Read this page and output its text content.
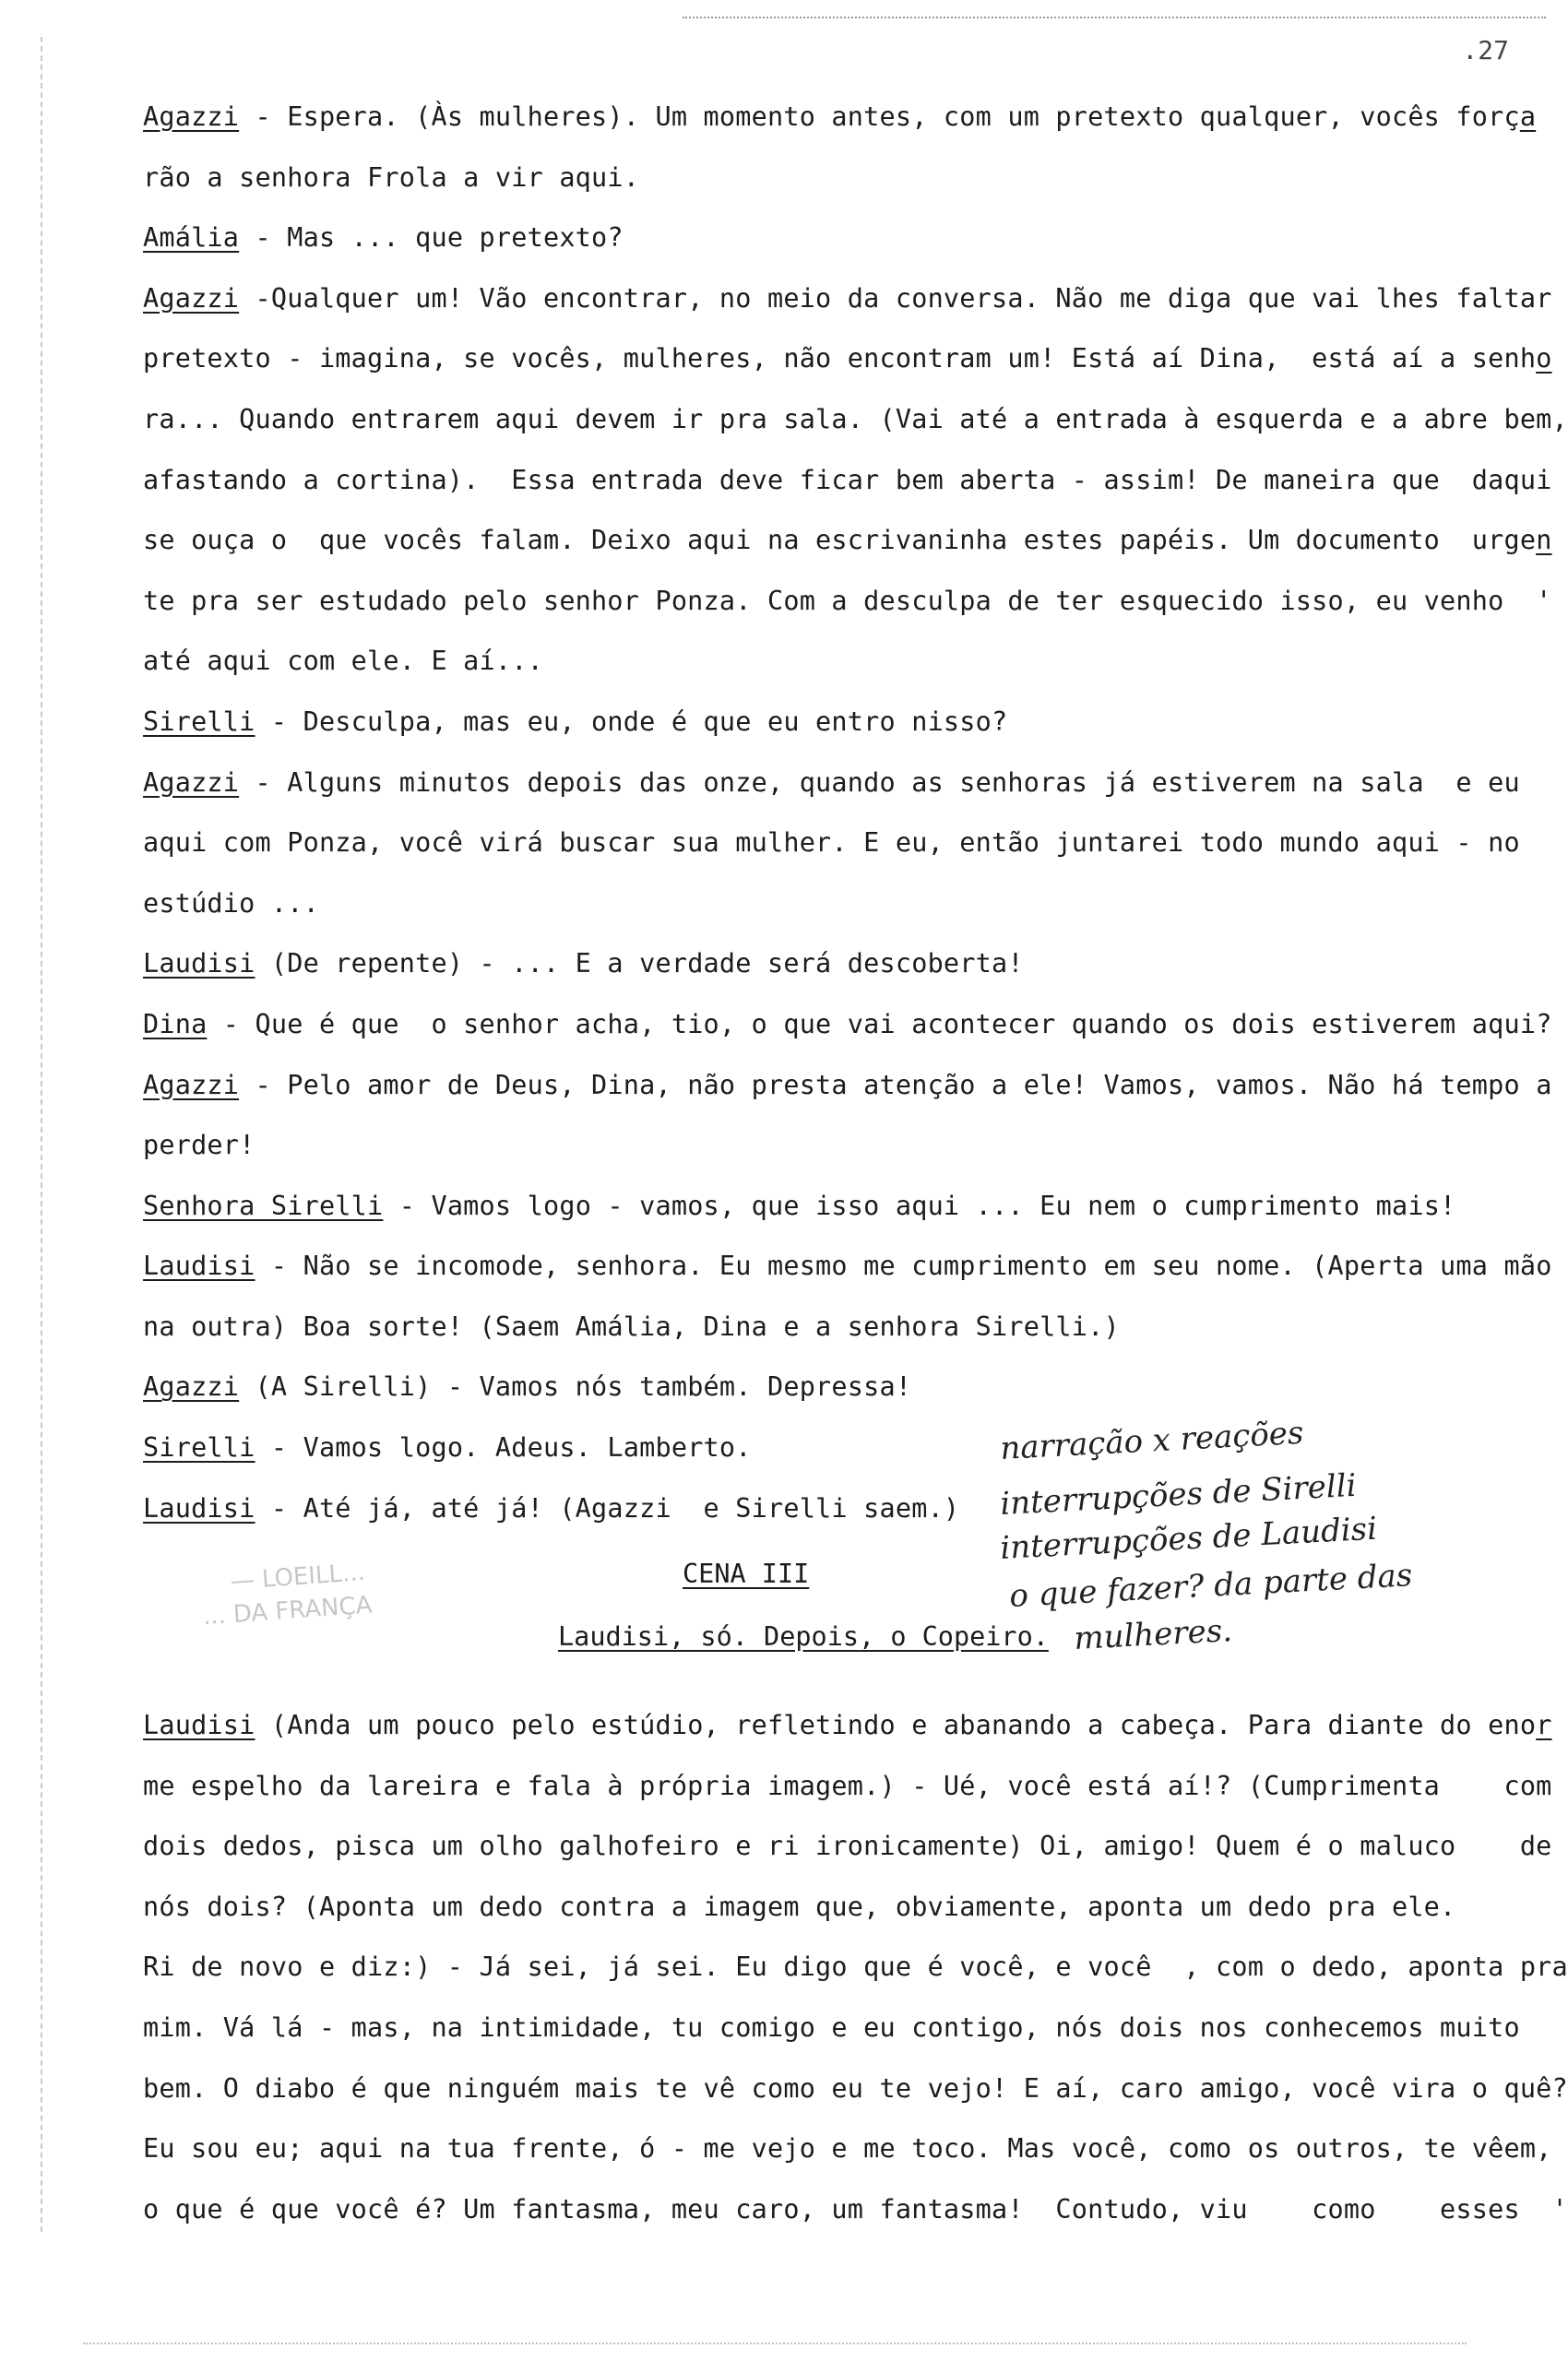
.27
Agazzi - Espera. (Às mulheres). Um momento antes, com um pretexto qualquer, vocês força
rão a senhora Frola a vir aqui.
Amália - Mas ... que pretexto?
Agazzi -Qualquer um! Vão encontrar, no meio da conversa. Não me diga que vai lhes faltar
pretexto - imagina, se vocês, mulheres, não encontram um! Está aí Dina,  está aí a senho
ra... Quando entrarem aqui devem ir pra sala. (Vai até a entrada à esquerda e a abre bem,
afastando a cortina).  Essa entrada deve ficar bem aberta - assim! De maneira que  daqui
se ouça o  que vocês falam. Deixo aqui na escrivaninha estes papéis. Um documento  urgen
te pra ser estudado pelo senhor Ponza. Com a desculpa de ter esquecido isso, eu venho  '
até aqui com ele. E aí...
Sirelli - Desculpa, mas eu, onde é que eu entro nisso?
Agazzi - Alguns minutos depois das onze, quando as senhoras já estiverem na sala  e eu
aqui com Ponza, você virá buscar sua mulher. E eu, então juntarei todo mundo aqui - no
estúdio ...
Laudisi (De repente) - ... E a verdade será descoberta!
Dina - Que é que  o senhor acha, tio, o que vai acontecer quando os dois estiverem aqui?
Agazzi - Pelo amor de Deus, Dina, não presta atenção a ele! Vamos, vamos. Não há tempo a
perder!
Senhora Sirelli - Vamos logo - vamos, que isso aqui ... Eu nem o cumprimento mais!
Laudisi - Não se incomode, senhora. Eu mesmo me cumprimento em seu nome. (Aperta uma mão
na outra) Boa sorte! (Saem Amália, Dina e a senhora Sirelli.)
Agazzi (A Sirelli) - Vamos nós também. Depressa!
Sirelli - Vamos logo. Adeus. Lamberto.
Laudisi - Até já, até já! (Agazzi  e Sirelli saem.)
— LOEILL...
... DA FRANÇA
CENA III
Laudisi, só. Depois, o Copeiro.
narração x reações
interrupções de Sirelli
interrupções de Laudisi
o que fazer? da parte das
mulheres.
Laudisi (Anda um pouco pelo estúdio, refletindo e abanando a cabeça. Para diante do enor
me espelho da lareira e fala à própria imagem.) - Ué, você está aí!? (Cumprimenta    com
dois dedos, pisca um olho galhofeiro e ri ironicamente) Oi, amigo! Quem é o maluco    de
nós dois? (Aponta um dedo contra a imagem que, obviamente, aponta um dedo pra ele.
Ri de novo e diz:) - Já sei, já sei. Eu digo que é você, e você  , com o dedo, aponta pra
mim. Vá lá - mas, na intimidade, tu comigo e eu contigo, nós dois nos conhecemos muito
bem. O diabo é que ninguém mais te vê como eu te vejo! E aí, caro amigo, você vira o quê?
Eu sou eu; aqui na tua frente, ó - me vejo e me toco. Mas você, como os outros, te vêem,
o que é que você é? Um fantasma, meu caro, um fantasma!  Contudo, viu    como    esses  '
